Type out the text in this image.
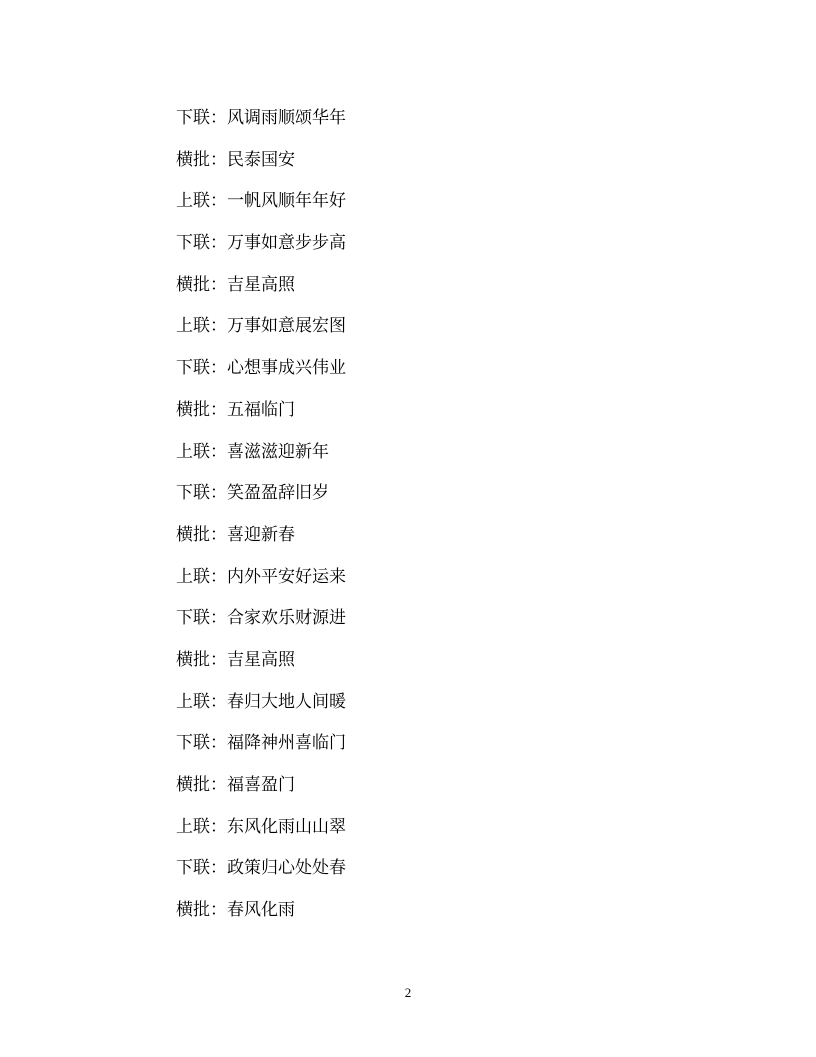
下联：风调雨顺颂华年
横批：民泰国安
上联：一帆风顺年年好
下联：万事如意步步高
横批：吉星高照
上联：万事如意展宏图
下联：心想事成兴伟业
横批：五福临门
上联：喜滋滋迎新年
下联：笑盈盈辞旧岁
横批：喜迎新春
上联：内外平安好运来
下联：合家欢乐财源进
横批：吉星高照
上联：春归大地人间暖
下联：福降神州喜临门
横批：福喜盈门
上联：东风化雨山山翠
下联：政策归心处处春
横批：春风化雨
2
